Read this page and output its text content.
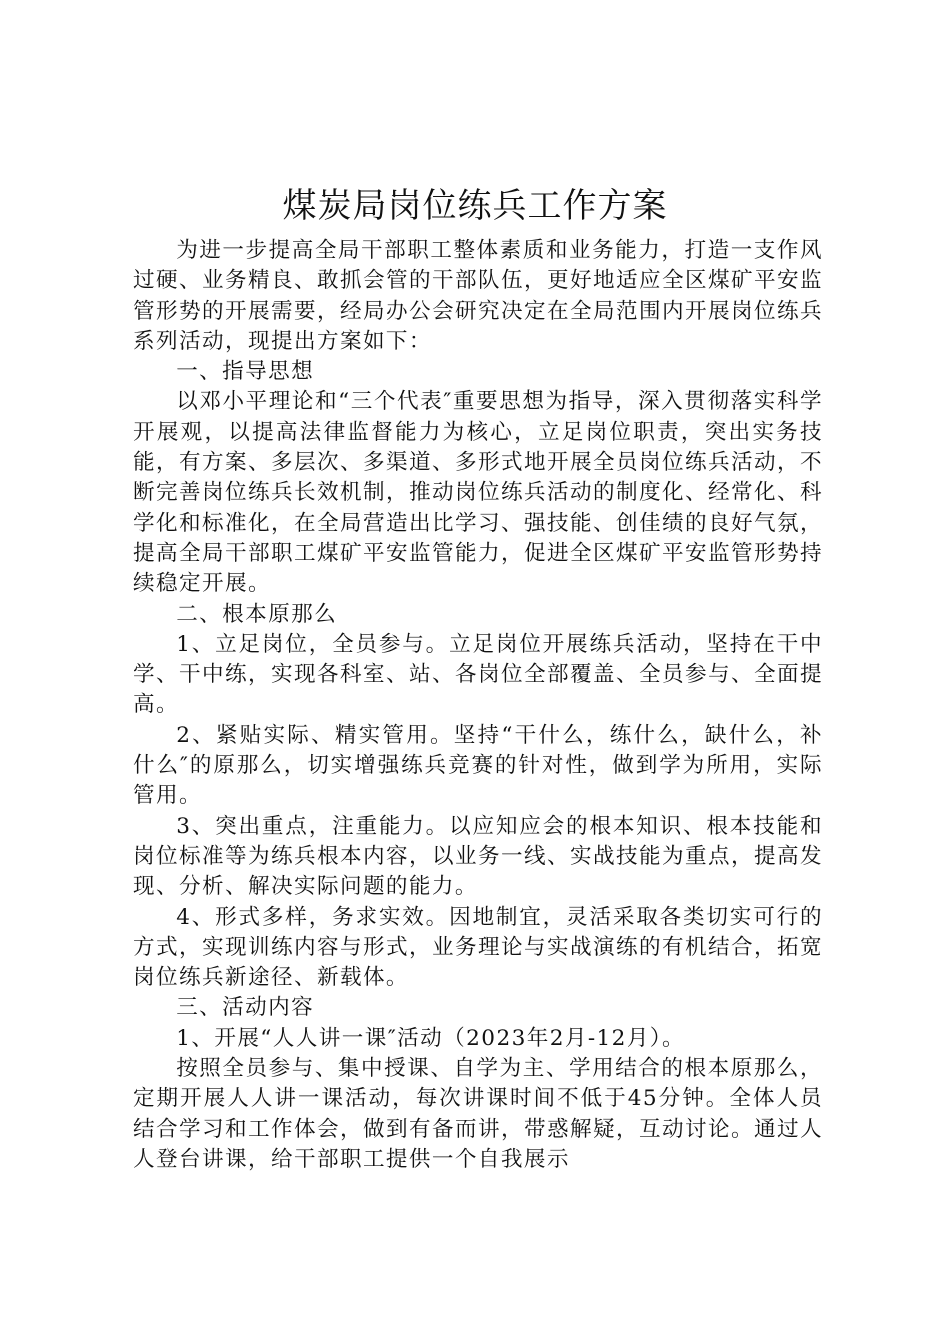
煤炭局岗位练兵工作方案

为进一步提高全局干部职工整体素质和业务能力，打造一支作风过硬、业务精良、敢抓会管的干部队伍，更好地适应全区煤矿平安监管形势的开展需要，经局办公会研究决定在全局范围内开展岗位练兵系列活动，现提出方案如下：

一、指导思想

以邓小平理论和“三个代表″重要思想为指导，深入贯彻落实科学开展观，以提高法律监督能力为核心，立足岗位职责，突出实务技能，有方案、多层次、多渠道、多形式地开展全员岗位练兵活动，不断完善岗位练兵长效机制，推动岗位练兵活动的制度化、经常化、科学化和标准化，在全局营造出比学习、强技能、创佳绩的良好气氛，提高全局干部职工煤矿平安监管能力，促进全区煤矿平安监管形势持续稳定开展。

二、根本原那么

1、立足岗位，全员参与。立足岗位开展练兵活动，坚持在干中学、干中练，实现各科室、站、各岗位全部覆盖、全员参与、全面提高。

2、紧贴实际、精实管用。坚持“干什么，练什么，缺什么，补什么″的原那么，切实增强练兵竞赛的针对性，做到学为所用，实际管用。

3、突出重点，注重能力。以应知应会的根本知识、根本技能和岗位标准等为练兵根本内容，以业务一线、实战技能为重点，提高发现、分析、解决实际问题的能力。

4、形式多样，务求实效。因地制宜，灵活采取各类切实可行的方式，实现训练内容与形式，业务理论与实战演练的有机结合，拓宽岗位练兵新途径、新载体。

三、活动内容

1、开展“人人讲一课″活动（2023年2月-12月）。

按照全员参与、集中授课、自学为主、学用结合的根本原那么，定期开展人人讲一课活动，每次讲课时间不低于45分钟。全体人员结合学习和工作体会，做到有备而讲，带惑解疑，互动讨论。通过人人登台讲课，给干部职工提供一个自我展示
